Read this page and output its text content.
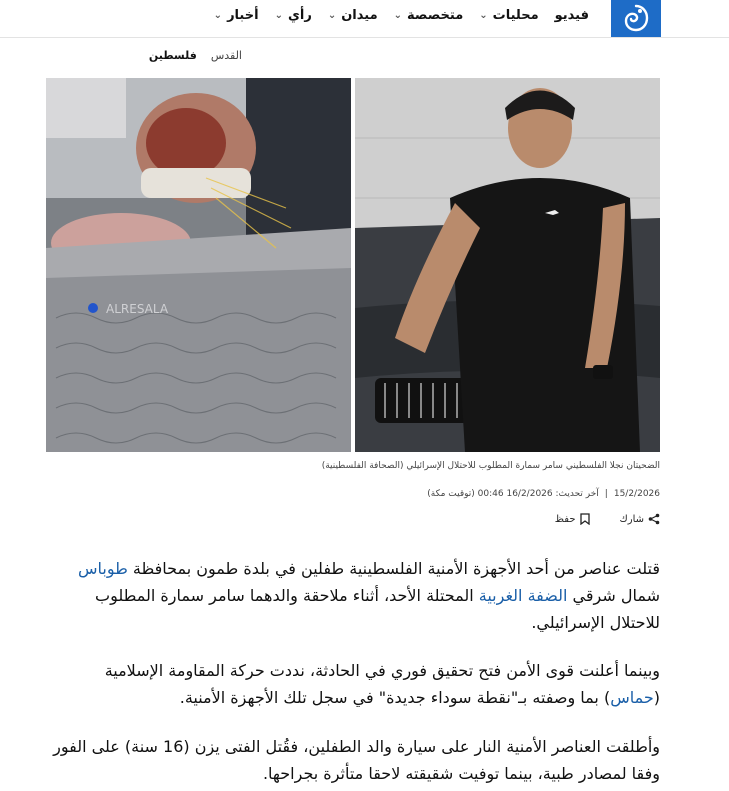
أخبار
⌄	رأي
⌄	ميدان
⌄	متخصصة
⌄	محليات
⌄	فيديو
فلسطين القدس
ALRESALA
الضحيتان نجلا الفلسطيني سامر سمارة المطلوب للاحتلال الإسرائيلي (الصحافة الفلسطينية)
15/2/2026
|
آخر تحديث: 16/2/2026 00:46 (توقيت مكة)
شارك
حفظ

قتلت عناصر من أحد الأجهزة الأمنية الفلسطينية طفلين في بلدة طمون بمحافظة طوباس شمال شرقي الضفة الغربية المحتلة الأحد، أثناء ملاحقة والدهما سامر سمارة المطلوب للاحتلال الإسرائيلي.

وبينما أعلنت قوى الأمن فتح تحقيق فوري في الحادثة، نددت حركة المقاومة الإسلامية (حماس) بما وصفته بـ"نقطة سوداء جديدة" في سجل تلك الأجهزة الأمنية.

وأطلقت العناصر الأمنية النار على سيارة والد الطفلين، فقُتل الفتى يزن (16 سنة) على الفور وفقا لمصادر طبية، بينما توفيت شقيقته لاحقا متأثرة بجراحها.
